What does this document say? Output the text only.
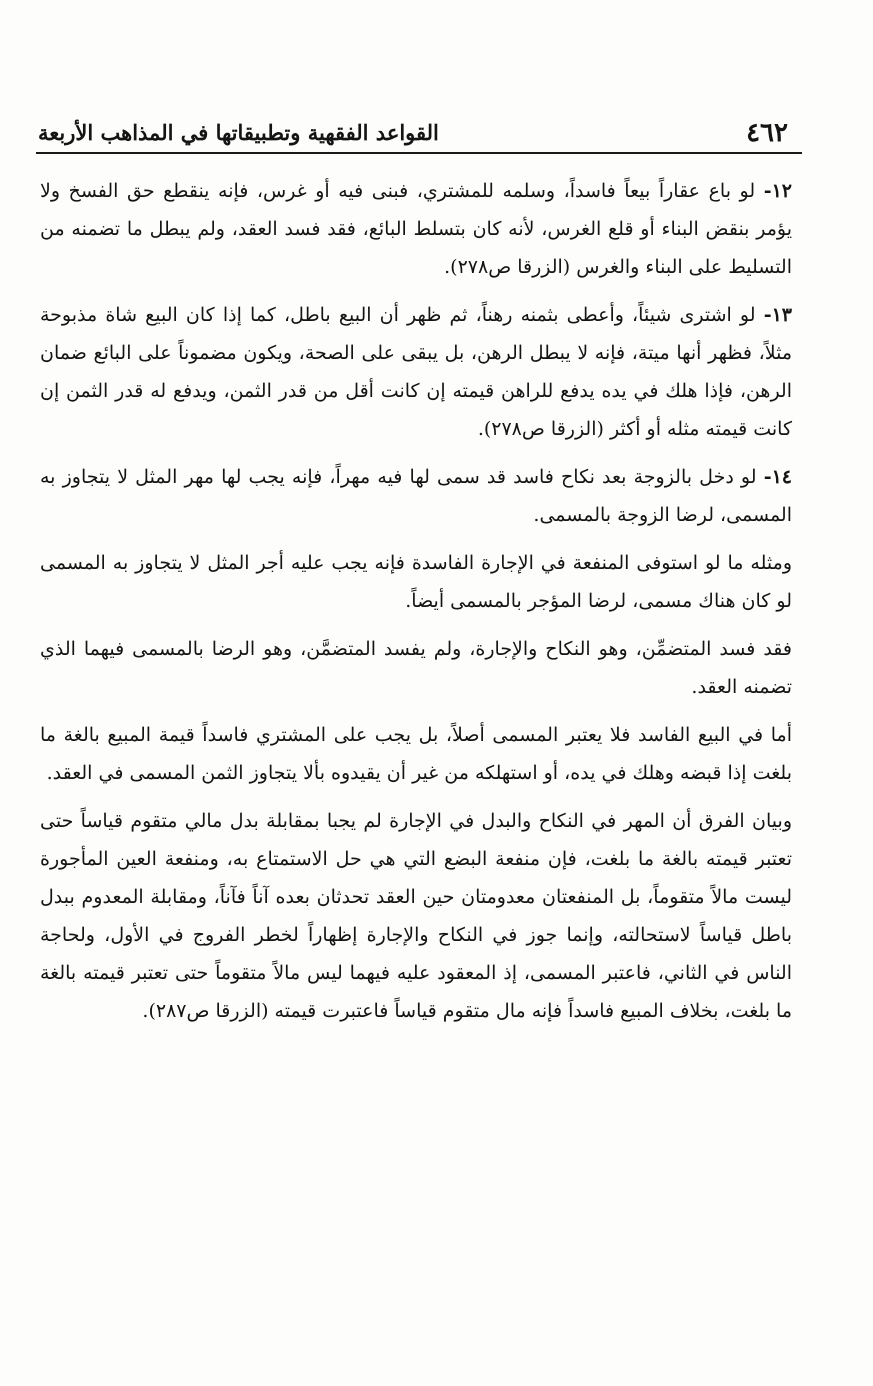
٤٦٢
القواعد الفقهية وتطبيقاتها في المذاهب الأربعة

١٢- لو باع عقاراً بيعاً فاسداً، وسلمه للمشتري، فبنى فيه أو غرس، فإنه ينقطع حق الفسخ ولا يؤمر بنقض البناء أو قلع الغرس، لأنه كان بتسلط البائع، فقد فسد العقد، ولم يبطل ما تضمنه من التسليط على البناء والغرس (الزرقا ص٢٧٨).

١٣- لو اشترى شيئاً، وأعطى بثمنه رهناً، ثم ظهر أن البيع باطل، كما إذا كان البيع شاة مذبوحة مثلاً، فظهر أنها ميتة، فإنه لا يبطل الرهن، بل يبقى على الصحة، ويكون مضموناً على البائع ضمان الرهن، فإذا هلك في يده يدفع للراهن قيمته إن كانت أقل من قدر الثمن، ويدفع له قدر الثمن إن كانت قيمته مثله أو أكثر (الزرقا ص٢٧٨).

١٤- لو دخل بالزوجة بعد نكاح فاسد قد سمى لها فيه مهراً، فإنه يجب لها مهر المثل لا يتجاوز به المسمى، لرضا الزوجة بالمسمى.

ومثله ما لو استوفى المنفعة في الإجارة الفاسدة فإنه يجب عليه أجر المثل لا يتجاوز به المسمى لو كان هناك مسمى، لرضا المؤجر بالمسمى أيضاً.

فقد فسد المتضمِّن، وهو النكاح والإجارة، ولم يفسد المتضمَّن، وهو الرضا بالمسمى فيهما الذي تضمنه العقد.

أما في البيع الفاسد فلا يعتبر المسمى أصلاً، بل يجب على المشتري فاسداً قيمة المبيع بالغة ما بلغت إذا قبضه وهلك في يده، أو استهلكه من غير أن يقيدوه بألا يتجاوز الثمن المسمى في العقد.

وبيان الفرق أن المهر في النكاح والبدل في الإجارة لم يجبا بمقابلة بدل مالي متقوم قياساً حتى تعتبر قيمته بالغة ما بلغت، فإن منفعة البضع التي هي حل الاستمتاع به، ومنفعة العين المأجورة ليست مالاً متقوماً، بل المنفعتان معدومتان حين العقد تحدثان بعده آناً فآناً، ومقابلة المعدوم ببدل باطل قياساً لاستحالته، وإنما جوز في النكاح والإجارة إظهاراً لخطر الفروج في الأول، ولحاجة الناس في الثاني، فاعتبر المسمى، إذ المعقود عليه فيهما ليس مالاً متقوماً حتى تعتبر قيمته بالغة ما بلغت، بخلاف المبيع فاسداً فإنه مال متقوم قياساً فاعتبرت قيمته (الزرقا ص٢٨٧).
